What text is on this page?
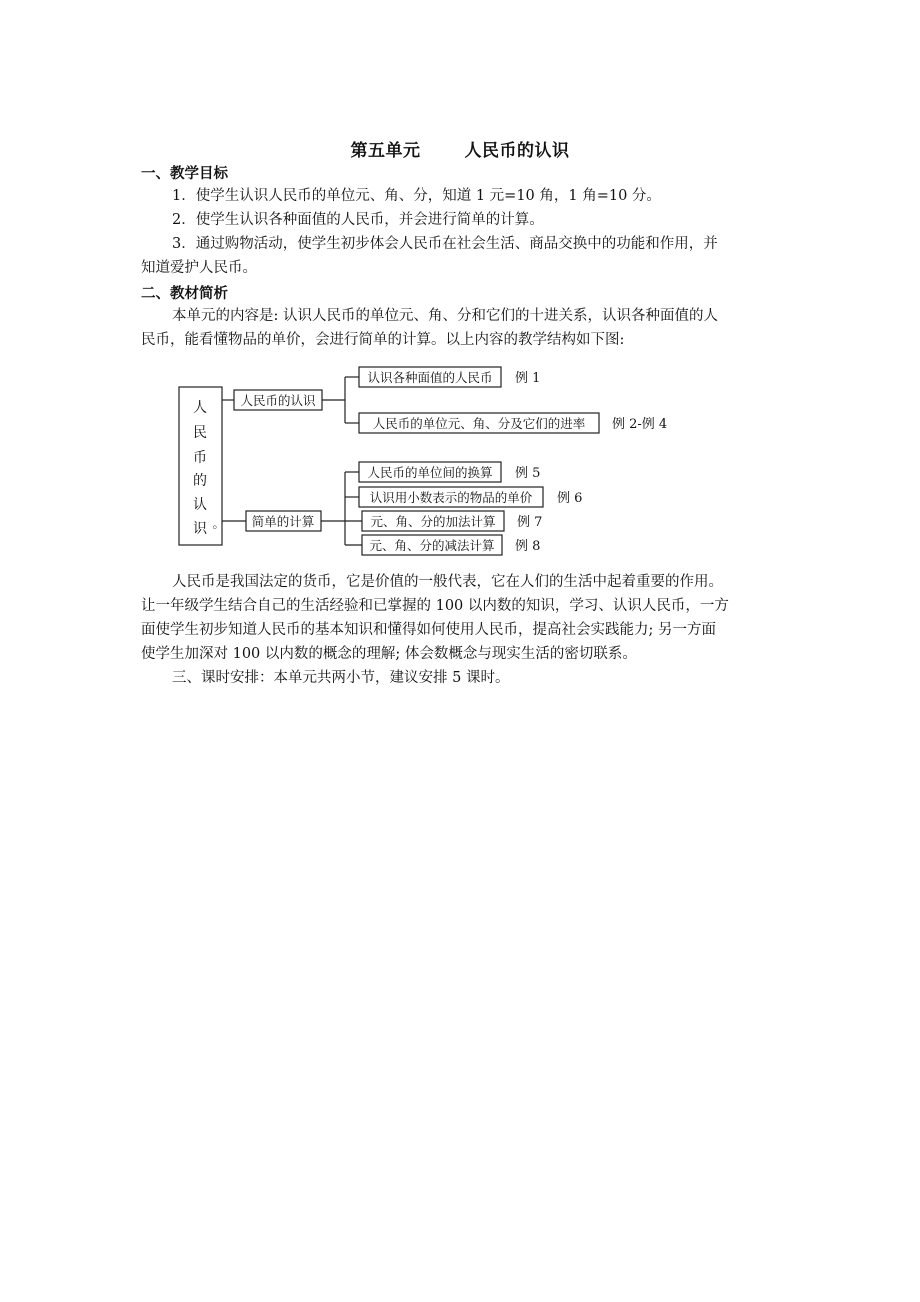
第五单元	人民币的认识
一、教学目标
1．使学生认识人民币的单位元、角、分，知道 1 元=10 角，1 角=10 分。
2．使学生认识各种面值的人民币，并会进行简单的计算。
3．通过购物活动，使学生初步体会人民币在社会生活、商品交换中的功能和作用，并
知道爱护人民币。
二、教材简析
本单元的内容是: 认识人民币的单位元、角、分和它们的十进关系，认识各种面值的人
民币，能看懂物品的单价，会进行简单的计算。以上内容的教学结构如下图:
人
民
币
的
认
识 ◦
人民币的认识
认识各种面值的人民币 例 1
人民币的单位元、角、分及它们的进率 例 2-例 4
简单的计算
人民币的单位间的换算 例 5
认识用小数表示的物品的单价 例 6
元、角、分的加法计算 例 7
元、角、分的减法计算 例 8
人民币是我国法定的货币，它是价值的一般代表，它在人们的生活中起着重要的作用。
让一年级学生结合自己的生活经验和已掌握的 100 以内数的知识，学习、认识人民币，一方
面使学生初步知道人民币的基本知识和懂得如何使用人民币，提高社会实践能力; 另一方面
使学生加深对 100 以内数的概念的理解; 体会数概念与现实生活的密切联系。
三、课时安排：本单元共两小节，建议安排 5 课时。
